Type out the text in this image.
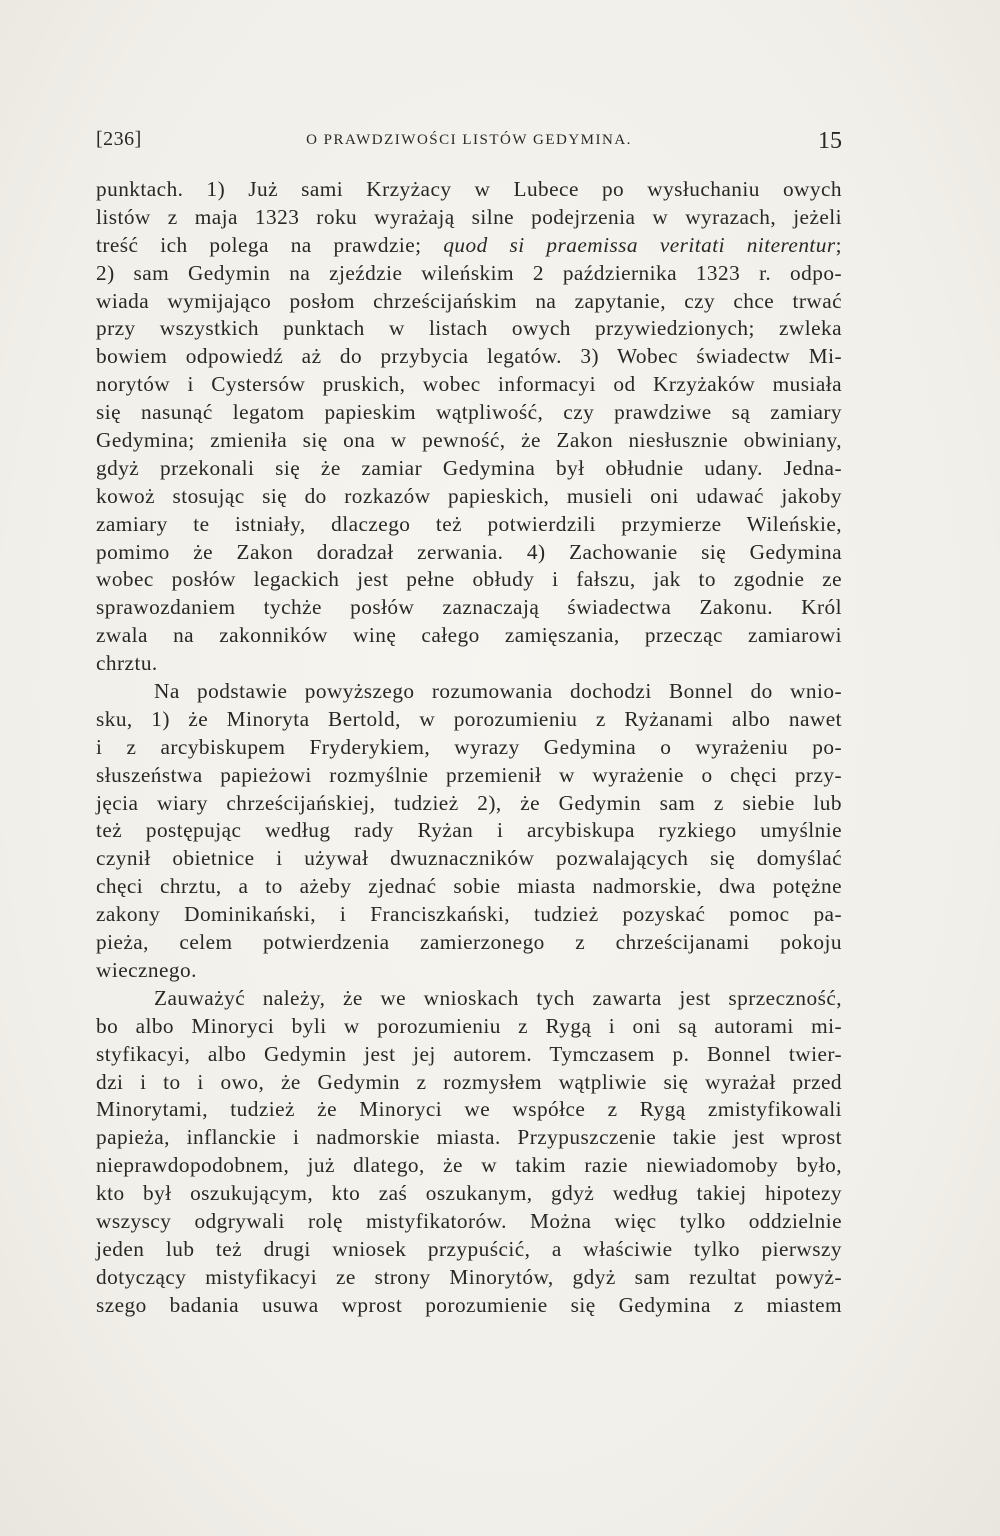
[236]	O PRAWDZIWOŚCI LISTÓW GEDYMINA.	15
punktach. 1) Już sami Krzyżacy w Lubece po wysłuchaniu owych
listów z maja 1323 roku wyrażają silne podejrzenia w wyrazach, jeżeli
treść ich polega na prawdzie; quod si praemissa veritati niterentur;
2) sam Gedymin na zjeździe wileńskim 2 października 1323 r. odpo-
wiada wymijająco posłom chrześcijańskim na zapytanie, czy chce trwać
przy wszystkich punktach w listach owych przywiedzionych; zwleka
bowiem odpowiedź aż do przybycia legatów. 3) Wobec świadectw Mi-
norytów i Cystersów pruskich, wobec informacyi od Krzyżaków musiała
się nasunąć legatom papieskim wątpliwość, czy prawdziwe są zamiary
Gedymina; zmieniła się ona w pewność, że Zakon niesłusznie obwiniany,
gdyż przekonali się że zamiar Gedymina był obłudnie udany. Jedna-
kowoż stosując się do rozkazów papieskich, musieli oni udawać jakoby
zamiary te istniały, dlaczego też potwierdzili przymierze Wileńskie,
pomimo że Zakon doradzał zerwania. 4) Zachowanie się Gedymina
wobec posłów legackich jest pełne obłudy i fałszu, jak to zgodnie ze
sprawozdaniem tychże posłów zaznaczają świadectwa Zakonu. Król
zwala na zakonników winę całego zamięszania, przecząc zamiarowi
chrztu.
Na podstawie powyższego rozumowania dochodzi Bonnel do wnio-
sku, 1) że Minoryta Bertold, w porozumieniu z Ryżanami albo nawet
i z arcybiskupem Fryderykiem, wyrazy Gedymina o wyrażeniu po-
słuszeństwa papieżowi rozmyślnie przemienił w wyrażenie o chęci przy-
jęcia wiary chrześcijańskiej, tudzież 2), że Gedymin sam z siebie lub
też postępując według rady Ryżan i arcybiskupa ryzkiego umyślnie
czynił obietnice i używał dwuznaczników pozwalających się domyślać
chęci chrztu, a to ażeby zjednać sobie miasta nadmorskie, dwa potężne
zakony Dominikański, i Franciszkański, tudzież pozyskać pomoc pa-
pieża, celem potwierdzenia zamierzonego z chrześcijanami pokoju
wiecznego.
Zauważyć należy, że we wnioskach tych zawarta jest sprzeczność,
bo albo Minoryci byli w porozumieniu z Rygą i oni są autorami mi-
styfikacyi, albo Gedymin jest jej autorem. Tymczasem p. Bonnel twier-
dzi i to i owo, że Gedymin z rozmysłem wątpliwie się wyrażał przed
Minorytami, tudzież że Minoryci we współce z Rygą zmistyfikowali
papieża, inflanckie i nadmorskie miasta. Przypuszczenie takie jest wprost
nieprawdopodobnem, już dlatego, że w takim razie niewiadomoby było,
kto był oszukującym, kto zaś oszukanym, gdyż według takiej hipotezy
wszyscy odgrywali rolę mistyfikatorów. Można więc tylko oddzielnie
jeden lub też drugi wniosek przypuścić, a właściwie tylko pierwszy
dotyczący mistyfikacyi ze strony Minorytów, gdyż sam rezultat powyż-
szego badania usuwa wprost porozumienie się Gedymina z miastem
